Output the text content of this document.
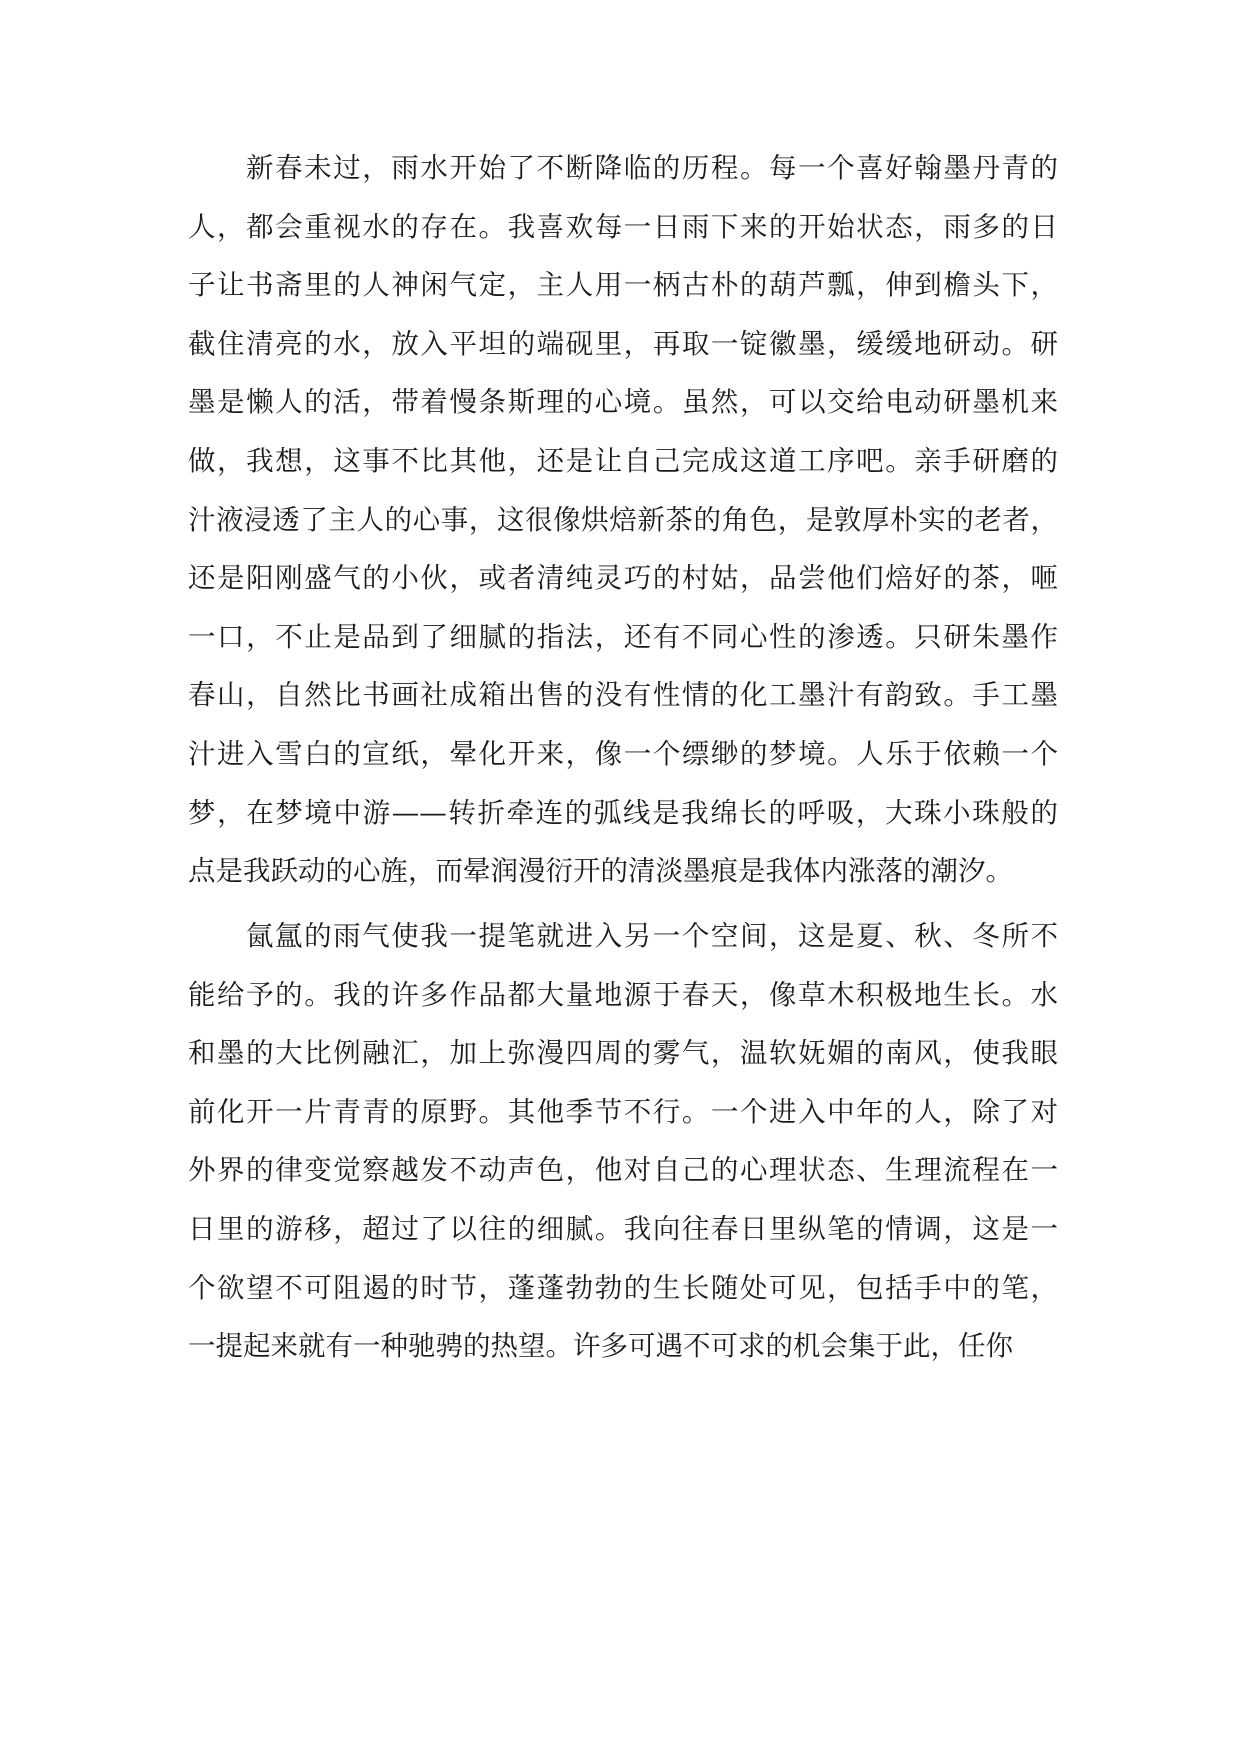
新春未过，雨水开始了不断降临的历程。每一个喜好翰墨丹青的
人，都会重视水的存在。我喜欢每一日雨下来的开始状态，雨多的日
子让书斋里的人神闲气定，主人用一柄古朴的葫芦瓢，伸到檐头下，
截住清亮的水，放入平坦的端砚里，再取一锭徽墨，缓缓地研动。研
墨是懒人的活，带着慢条斯理的心境。虽然，可以交给电动研墨机来
做，我想，这事不比其他，还是让自己完成这道工序吧。亲手研磨的
汁液浸透了主人的心事，这很像烘焙新茶的角色，是敦厚朴实的老者，
还是阳刚盛气的小伙，或者清纯灵巧的村姑，品尝他们焙好的茶，咂
一口，不止是品到了细腻的指法，还有不同心性的渗透。只研朱墨作
春山，自然比书画社成箱出售的没有性情的化工墨汁有韵致。手工墨
汁进入雪白的宣纸，晕化开来，像一个缥缈的梦境。人乐于依赖一个
梦，在梦境中游——转折牵连的弧线是我绵长的呼吸，大珠小珠般的
点是我跃动的心旌，而晕润漫衍开的清淡墨痕是我体内涨落的潮汐。
氤氲的雨气使我一提笔就进入另一个空间，这是夏、秋、冬所不
能给予的。我的许多作品都大量地源于春天，像草木积极地生长。水
和墨的大比例融汇，加上弥漫四周的雾气，温软妩媚的南风，使我眼
前化开一片青青的原野。其他季节不行。一个进入中年的人，除了对
外界的律变觉察越发不动声色，他对自己的心理状态、生理流程在一
日里的游移，超过了以往的细腻。我向往春日里纵笔的情调，这是一
个欲望不可阻遏的时节，蓬蓬勃勃的生长随处可见，包括手中的笔，
一提起来就有一种驰骋的热望。许多可遇不可求的机会集于此，任你
